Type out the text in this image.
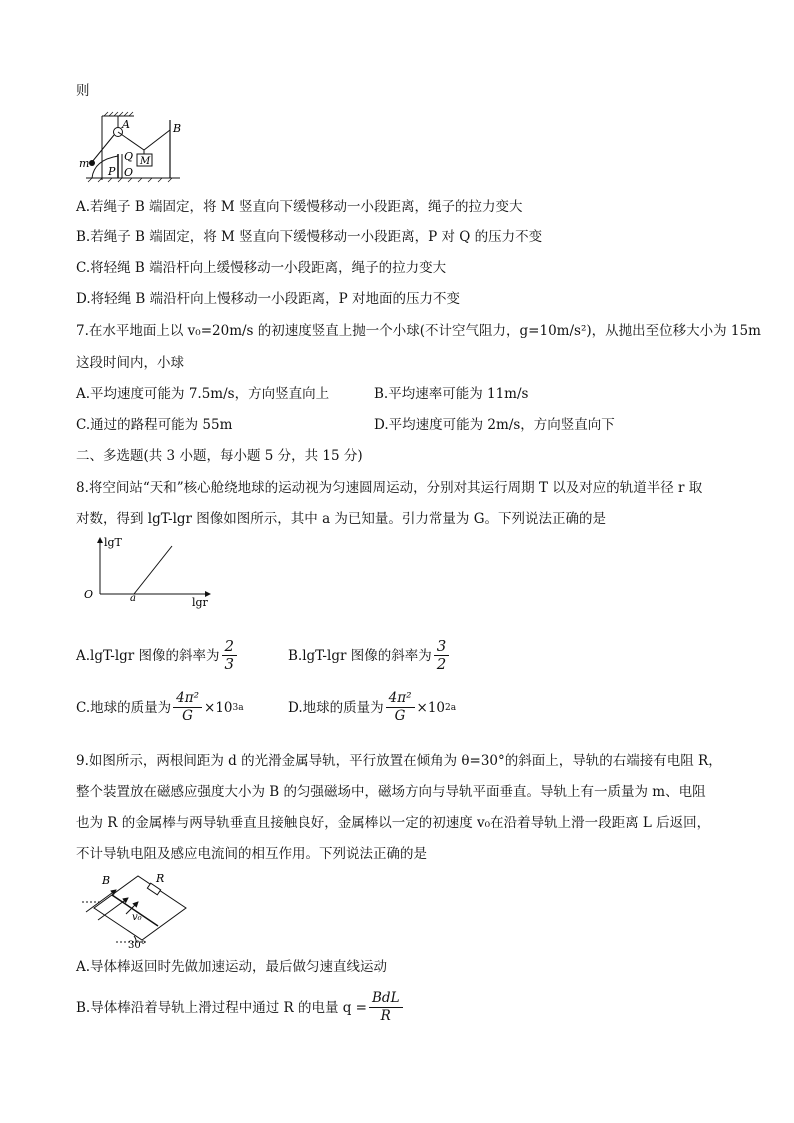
则
A	B
m
Q M
P O
A.若绳子 B 端固定，将 M 竖直向下缓慢移动一小段距离，绳子的拉力变大
B.若绳子 B 端固定，将 M 竖直向下缓慢移动一小段距离，P 对 Q 的压力不变
C.将轻绳 B 端沿杆向上缓慢移动一小段距离，绳子的拉力变大
D.将轻绳 B 端沿杆向上慢移动一小段距离，P 对地面的压力不变
7.在水平地面上以 v₀=20m/s 的初速度竖直上抛一个小球(不计空气阻力，g=10m/s²)，从抛出至位移大小为 15m
这段时间内，小球
A.平均速度可能为 7.5m/s，方向竖直向上	B.平均速率可能为 11m/s
C.通过的路程可能为 55m	D.平均速度可能为 2m/s，方向竖直向下
二、多选题(共 3 小题，每小题 5 分，共 15 分)
8.将空间站“天和”核心舱绕地球的运动视为匀速圆周运动，分别对其运行周期 T 以及对应的轨道半径 r 取
对数，得到 lgT-lgr 图像如图所示，其中 a 为已知量。引力常量为 G。下列说法正确的是
lgT
lgr
O	a
A.lgT-lgr 图像的斜率为 $\frac{2}{3}$	B.lgT-lgr 图像的斜率为 $\frac{3}{2}$
C.地球的质量为 $\frac{\text{4π²}}{G} \times 10$ 3a	D.地球的质量为 $\frac{\text{4π²}}{G} \times 10$ 2a
9.如图所示，两根间距为 d 的光滑金属导轨，平行放置在倾角为 θ=30°的斜面上，导轨的右端接有电阻 R，
整个装置放在磁感应强度大小为 B 的匀强磁场中，磁场方向与导轨平面垂直。导轨上有一质量为 m、电阻
也为 R 的金属棒与两导轨垂直且接触良好，金属棒以一定的初速度 v₀在沿着导轨上滑一段距离 L 后返回，
不计导轨电阻及感应电流间的相互作用。下列说法正确的是
B	R
v₀
30°
A.导体棒返回时先做加速运动，最后做匀速直线运动
B.导体棒沿着导轨上滑过程中通过 R 的电量 $q = \frac{\text{BdL}}{R}$
